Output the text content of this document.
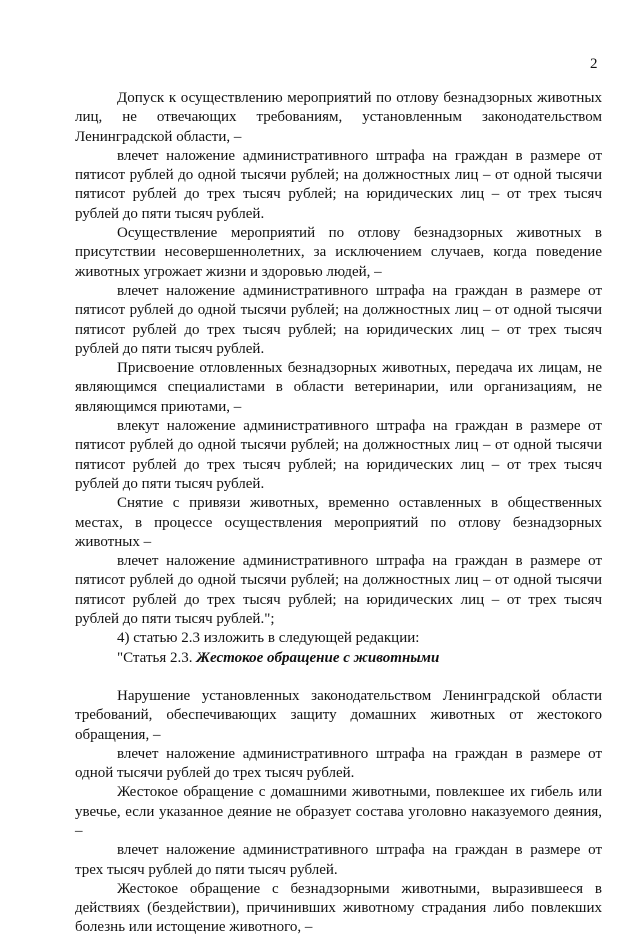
2

Допуск к осуществлению мероприятий по отлову безнадзорных животных лиц, не отвечающих требованиям, установленным законодательством Ленинградской области, –

влечет наложение административного штрафа на граждан в размере от пятисот рублей до одной тысячи рублей; на должностных лиц – от одной тысячи пятисот рублей до трех тысяч рублей; на юридических лиц – от трех тысяч рублей до пяти тысяч рублей.

Осуществление мероприятий по отлову безнадзорных животных в присутствии несовершеннолетних, за исключением случаев, когда поведение животных угрожает жизни и здоровью людей, –

влечет наложение административного штрафа на граждан в размере от пятисот рублей до одной тысячи рублей; на должностных лиц – от одной тысячи пятисот рублей до трех тысяч рублей; на юридических лиц – от трех тысяч рублей до пяти тысяч рублей.

Присвоение отловленных безнадзорных животных, передача их лицам, не являющимся специалистами в области ветеринарии, или организациям, не являющимся приютами, –

влекут наложение административного штрафа на граждан в размере от пятисот рублей до одной тысячи рублей; на должностных лиц – от одной тысячи пятисот рублей до трех тысяч рублей; на юридических лиц – от трех тысяч рублей до пяти тысяч рублей.

Снятие с привязи животных, временно оставленных в общественных местах, в процессе осуществления мероприятий по отлову безнадзорных животных –

влечет наложение административного штрафа на граждан в размере от пятисот рублей до одной тысячи рублей; на должностных лиц – от одной тысячи пятисот рублей до трех тысяч рублей; на юридических лиц – от трех тысяч рублей до пяти тысяч рублей.";

4) статью 2.3 изложить в следующей редакции:

"Статья 2.3. Жестокое обращение с животными

Нарушение установленных законодательством Ленинградской области требований, обеспечивающих защиту домашних животных от жестокого обращения, –

влечет наложение административного штрафа на граждан в размере от одной тысячи рублей до трех тысяч рублей.

Жестокое обращение с домашними животными, повлекшее их гибель или увечье, если указанное деяние не образует состава уголовно наказуемого деяния, –

влечет наложение административного штрафа на граждан в размере от трех тысяч рублей до пяти тысяч рублей.

Жестокое обращение с безнадзорными животными, выразившееся в действиях (бездействии), причинивших животному страдания либо повлекших болезнь или истощение животного, –
